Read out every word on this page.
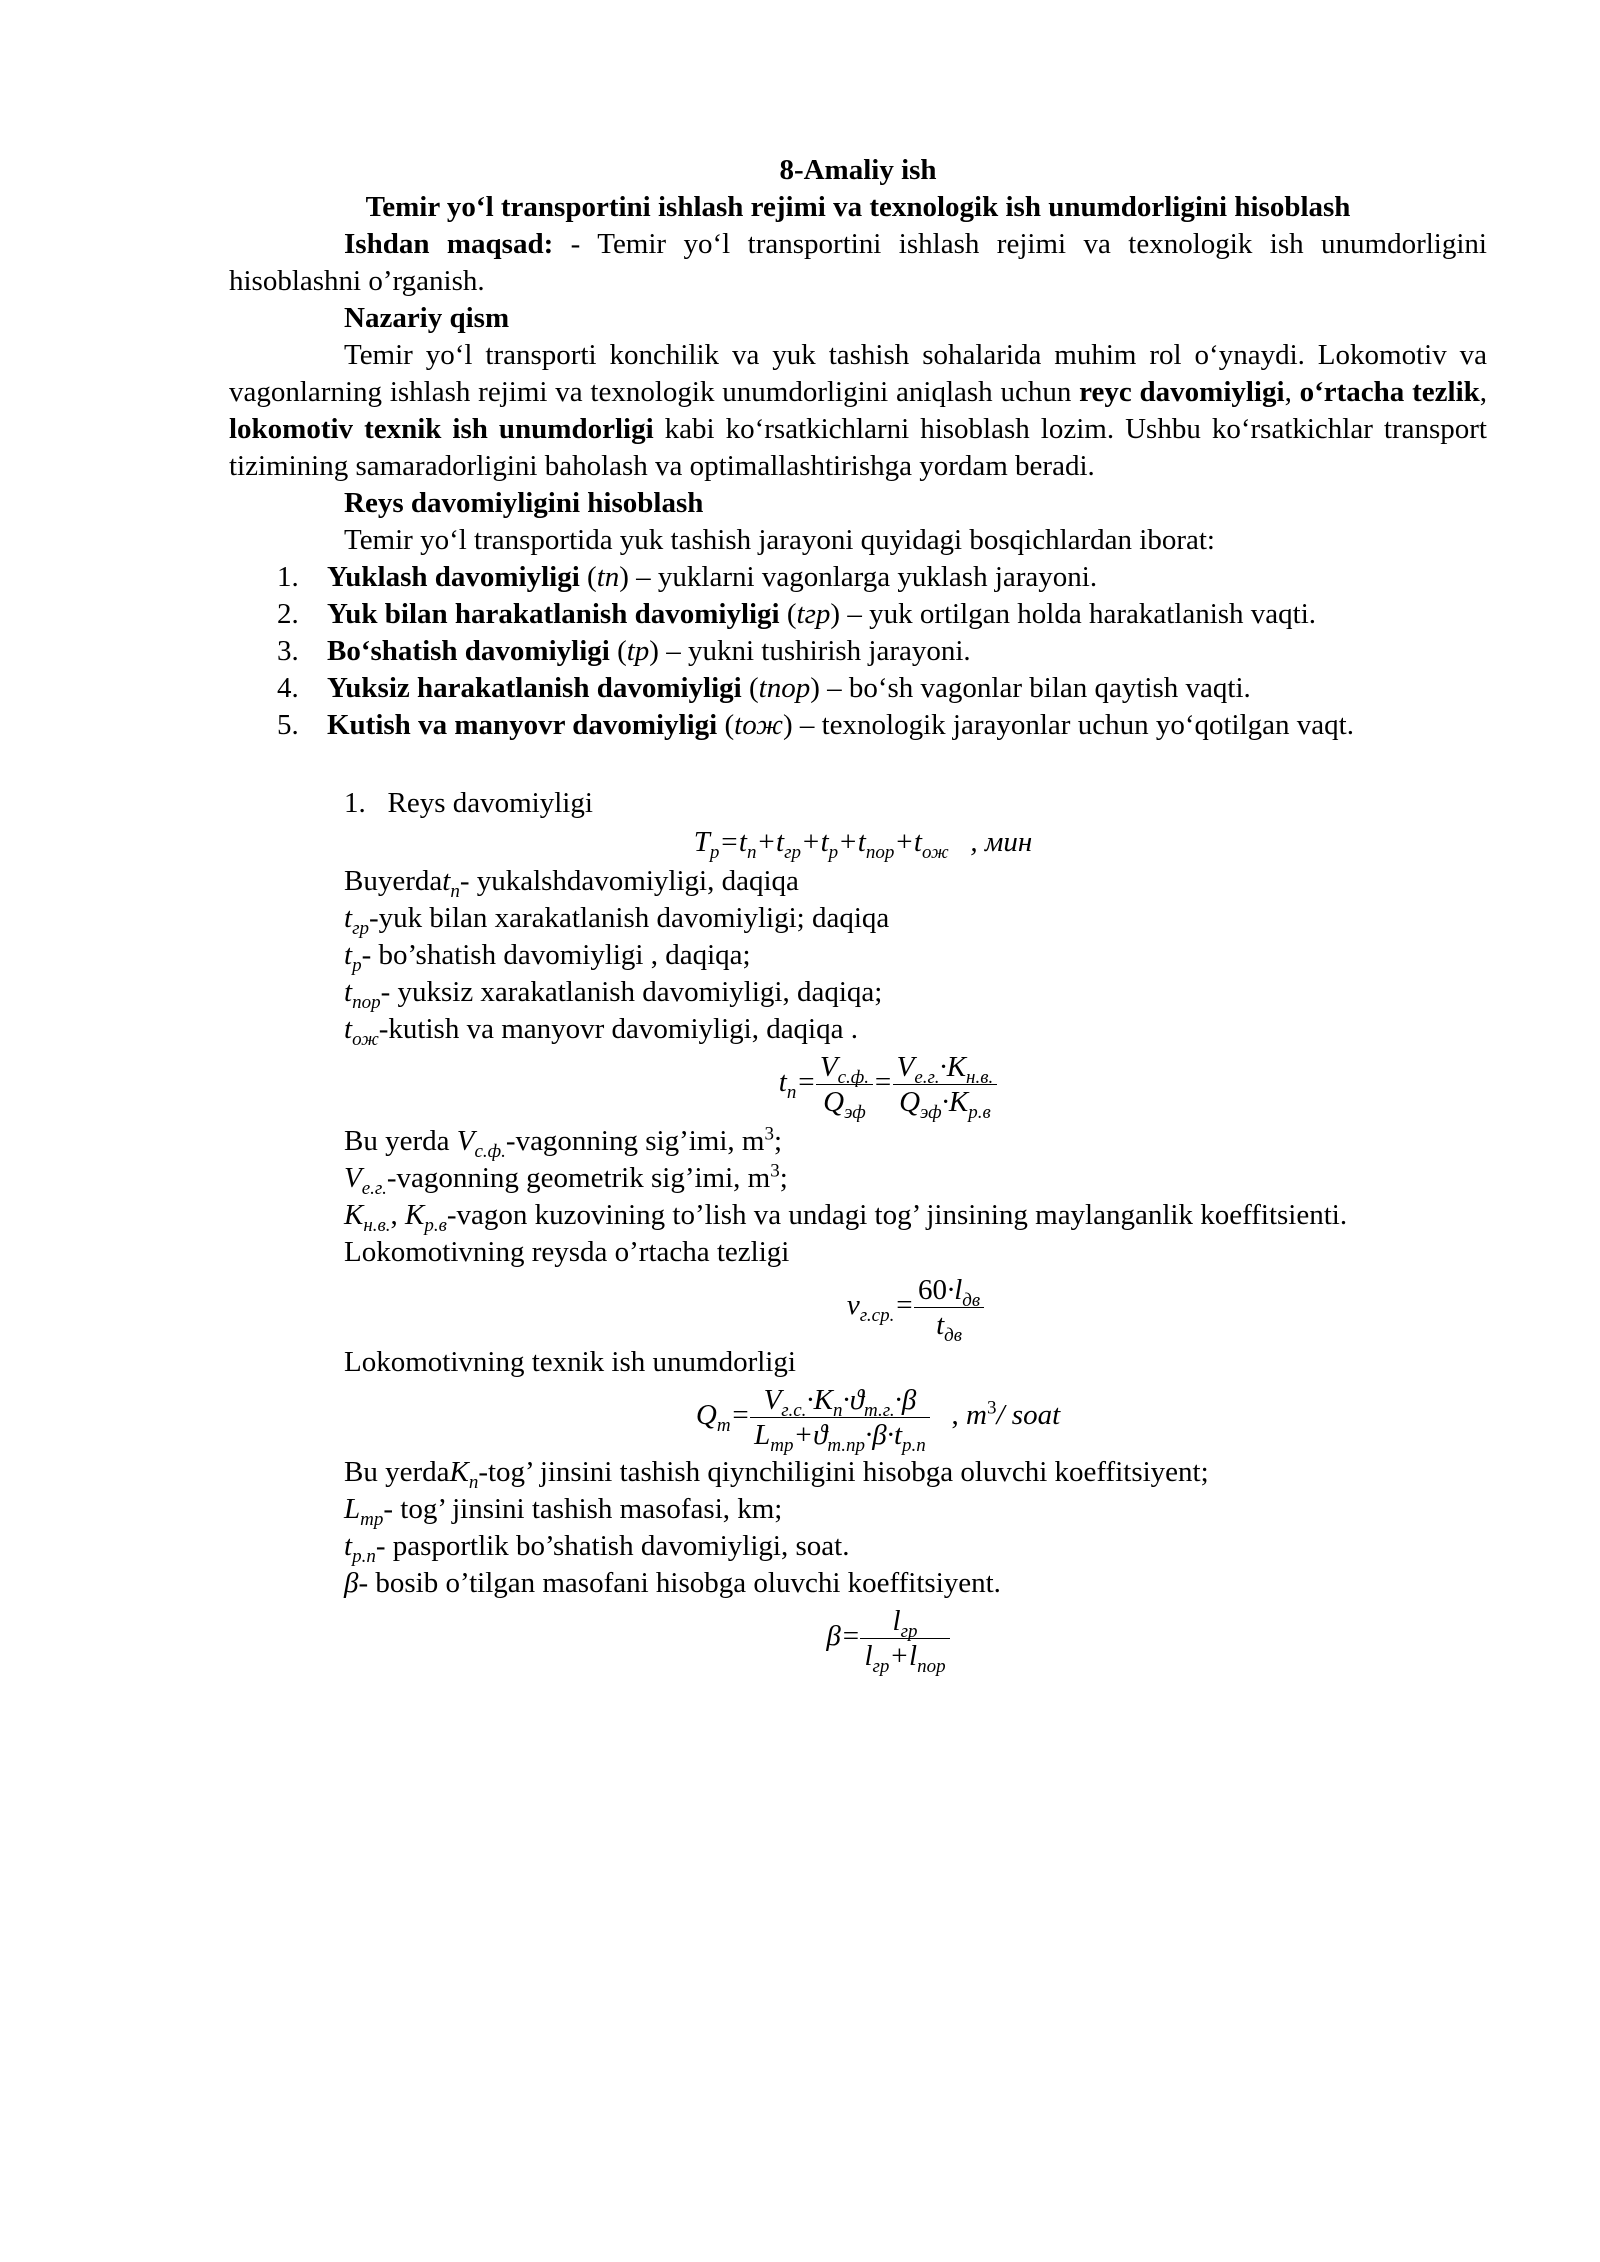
8-Amaliy ish

Temir yo‘l transportini ishlash rejimi va texnologik ish unumdorligini hisoblash

Ishdan maqsad: - Temir yo‘l transportini ishlash rejimi va texnologik ish unumdorligini hisoblashni o’rganish.

Nazariy qism

Temir yo‘l transporti konchilik va yuk tashish sohalarida muhim rol o‘ynaydi. Lokomotiv va vagonlarning ishlash rejimi va texnologik unumdorligini aniqlash uchun reyc davomiyligi, o‘rtacha tezlik, lokomotiv texnik ish unumdorligi kabi ko‘rsatkichlarni hisoblash lozim. Ushbu ko‘rsatkichlar transport tizimining samaradorligini baholash va optimallashtirishga yordam beradi.

Reys davomiyligini hisoblash

Temir yo‘l transportida yuk tashish jarayoni quyidagi bosqichlardan iborat:

1. Yuklash davomiyligi (tп) – yuklarni vagonlarga yuklash jarayoni.
2. Yuk bilan harakatlanish davomiyligi (tгр) – yuk ortilgan holda harakatlanish vaqti.
3. Bo‘shatish davomiyligi (tр) – yukni tushirish jarayoni.
4. Yuksiz harakatlanish davomiyligi (tпор) – bo‘sh vagonlar bilan qaytish vaqti.
5. Kutish va manyovr davomiyligi (tож) – texnologik jarayonlar uchun yo‘qotilgan vaqt.

1. Reys davomiyligi

$T_р=t_п+t_{гр}+t_р+t_{пор}+t_{ож}$ , мин

Buyerdat$_п$- yukalshdavomiyligi, daqiqa

$t_{гр}$-yuk bilan xarakatlanish davomiyligi; daqiqa

$t_р-$ bo’shatish davomiyligi , daqiqa;

$t_{пор}-$ yuksiz xarakatlanish davomiyligi, daqiqa;

$t_{ож}$-kutish va manyovr davomiyligi, daqiqa .

$t_п= \frac{V_{с.ф.}}{Q_{эф}} = \frac{V_{е.г.}\cdot K_{н.в.}}{Q_{эф}\cdot K_{р.в}}$

Bu yerda $V_{с.ф.}$-vagonning sig’imi, $m^3$;

$V_{е.г.}$-vagonning geometrik sig’imi, $m^3$;

$K_{н.в.}$, $K_{р.в}$-vagon kuzovining to’lish va undagi tog’ jinsining maylanganlik koeffitsienti.

Lokomotivning reysda o’rtacha tezligi

$v_{г.ср.}= \frac{60\cdot l_{дв}}{t_{дв}}$

Lokomotivning texnik ish unumdorligi

$Q_т= \frac{V_{г.с.}\cdot K_п\cdot ϑ_{т.г.}\cdot\beta}{L_{тр}+ϑ_{т.пр}\cdot\beta\cdot t_{р.п}}$ , $m^3/$ soat

Bu yerdaK$_п$-tog’ jinsini tashish qiynchiligini hisobga oluvchi koeffitsiyent;

$L_{тр}-$ tog’ jinsini tashish masofasi, km;

$t_{р.п}-$ pasportlik bo’shatish davomiyligi, soat.

β- bosib o’tilgan masofani hisobga oluvchi koeffitsiyent.

$\beta= \frac{l_{гр}}{l_{гр}+l_{пор}}$
